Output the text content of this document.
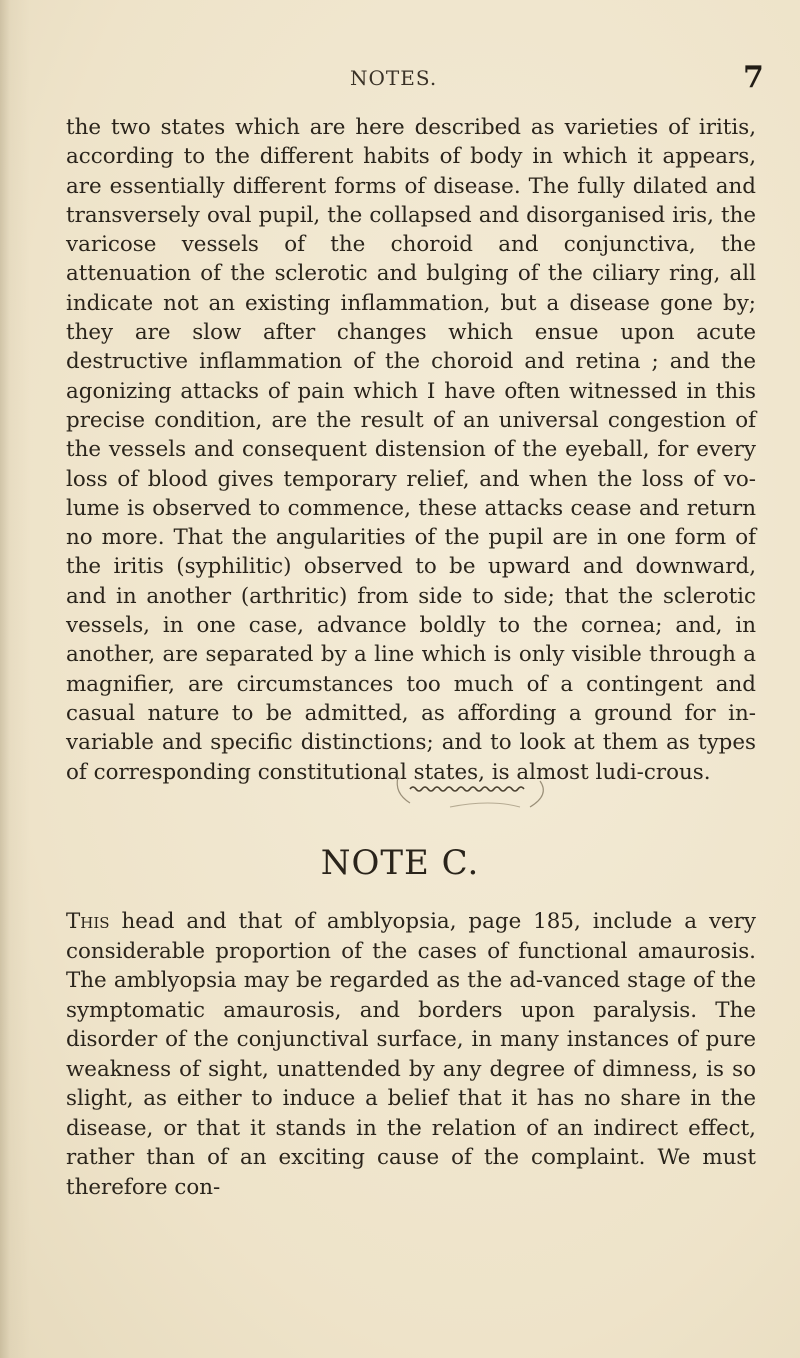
NOTES.	7

the two states which are here described as varieties of iritis, according to the different habits of body in which it appears, are essentially different forms of disease. The fully dilated and transversely oval pupil, the collapsed and disorganised iris, the varicose vessels of the choroid and conjunctiva, the attenuation of the sclerotic and bulging of the ciliary ring, all indicate not an existing inflammation, but a disease gone by; they are slow after changes which ensue upon acute destructive inflammation of the choroid and retina ; and the agonizing attacks of pain which I have often witnessed in this precise condition, are the result of an universal congestion of the vessels and consequent distension of the eyeball, for every loss of blood gives temporary relief, and when the loss of vo-lume is observed to commence, these attacks cease and return no more. That the angularities of the pupil are in one form of the iritis (syphilitic) observed to be upward and downward, and in another (arthritic) from side to side; that the sclerotic vessels, in one case, advance boldly to the cornea; and, in another, are separated by a line which is only visible through a magnifier, are circumstances too much of a contingent and casual nature to be admitted, as affording a ground for in-variable and specific distinctions; and to look at them as types of corresponding constitutional states, is almost ludi-crous.

NOTE C.

This head and that of amblyopsia, page 185, include a very considerable proportion of the cases of functional amaurosis. The amblyopsia may be regarded as the ad-vanced stage of the symptomatic amaurosis, and borders upon paralysis. The disorder of the conjunctival surface, in many instances of pure weakness of sight, unattended by any degree of dimness, is so slight, as either to induce a belief that it has no share in the disease, or that it stands in the relation of an indirect effect, rather than of an exciting cause of the complaint. We must therefore con-
